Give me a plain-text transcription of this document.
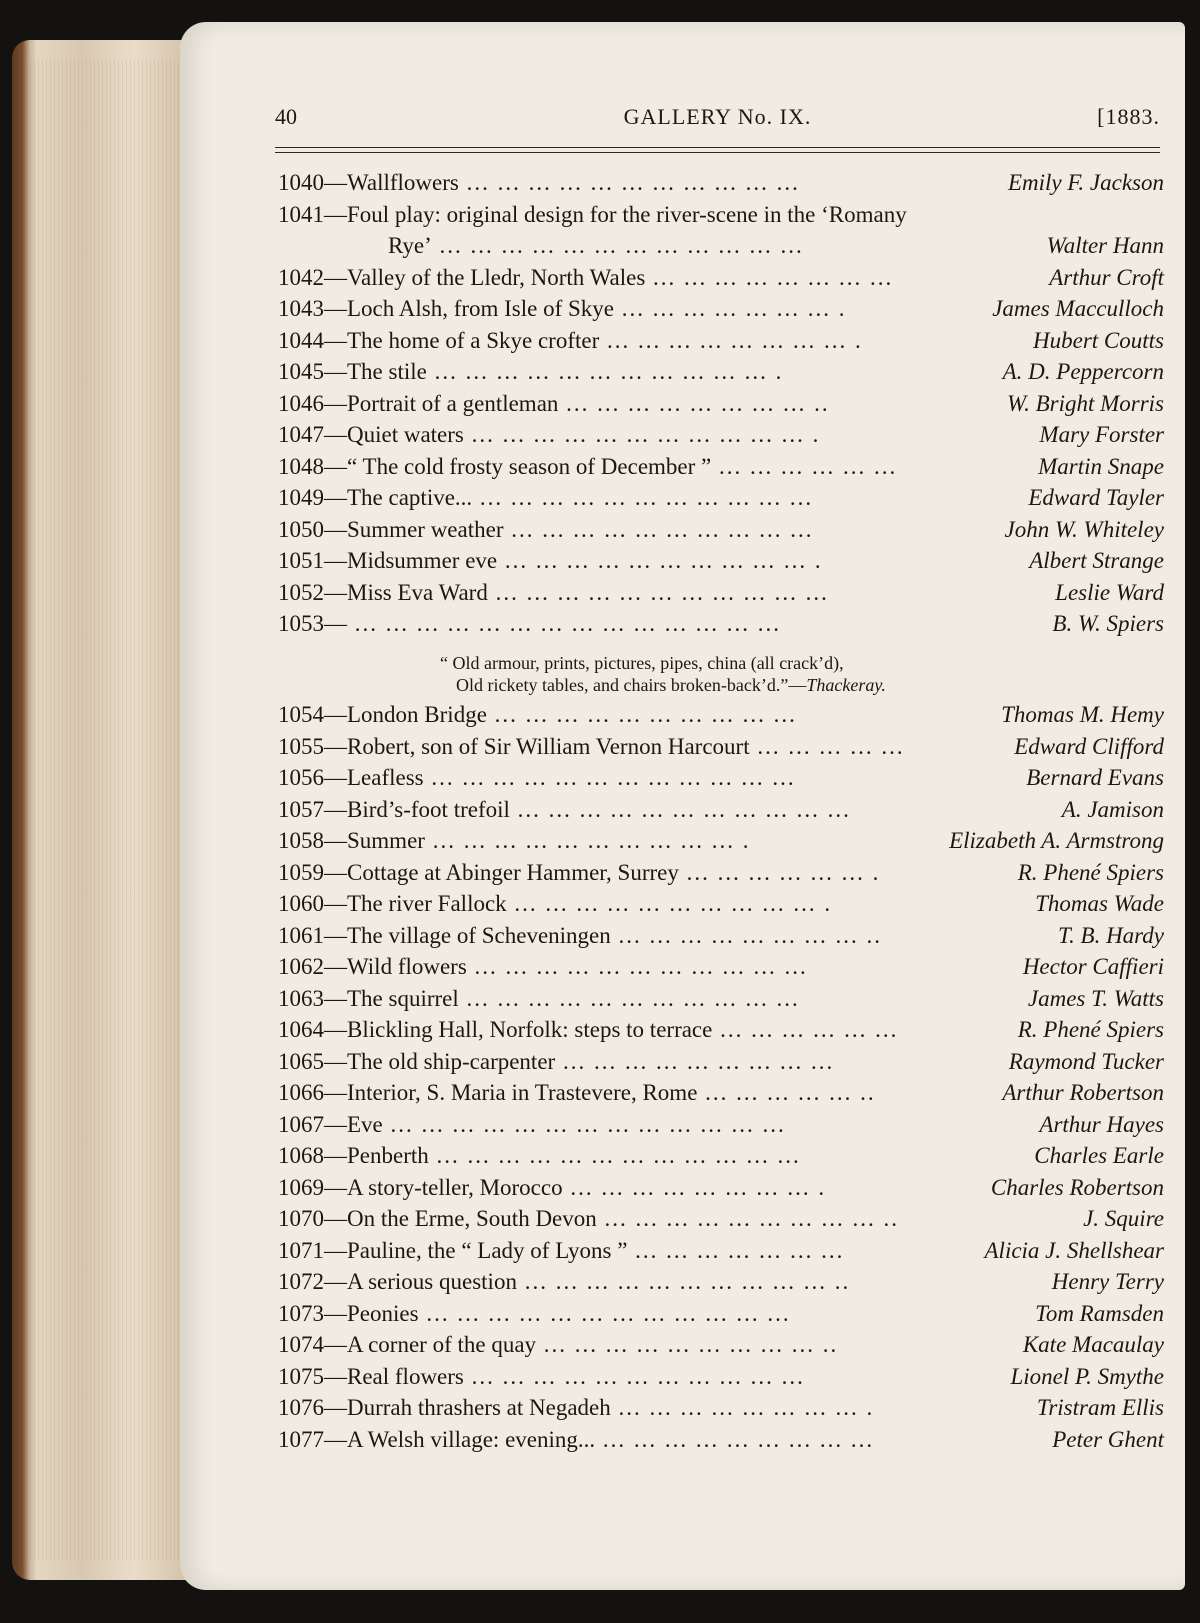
40	GALLERY No. IX.	[1883.
1040—Wallflowers ... ... ... ... ... ... ... ... ... ... ...	Emily F. Jackson
1041—Foul play: original design for the river-scene in the ‘Romany
Rye’ ... ... ... ... ... ... ... ... ... ... ... ...	Walter Hann
1042—Valley of the Lledr, North Wales ... ... ... ... ... ... ... ...	Arthur Croft
1043—Loch Alsh, from Isle of Skye ... ... ... ... ... ... ... .	James Macculloch
1044—The home of a Skye crofter ... ... ... ... ... ... ... ... .	Hubert Coutts
1045—The stile ... ... ... ... ... ... ... ... ... ... ... .	A. D. Peppercorn
1046—Portrait of a gentleman ... ... ... ... ... ... ... ... ..	W. Bright Morris
1047—Quiet waters ... ... ... ... ... ... ... ... ... ... ... .	Mary Forster
1048—“ The cold frosty season of December ” ... ... ... ... ... ...	Martin Snape
1049—The captive... ... ... ... ... ... ... ... ... ... ... ...	Edward Tayler
1050—Summer weather ... ... ... ... ... ... ... ... ... ...	John W. Whiteley
1051—Midsummer eve ... ... ... ... ... ... ... ... ... ... .	Albert Strange
1052—Miss Eva Ward ... ... ... ... ... ... ... ... ... ... ...	Leslie Ward
1053— ... ... ... ... ... ... ... ... ... ... ... ... ... ...	B. W. Spiers
“ Old armour, prints, pictures, pipes, china (all crack’d),
Old rickety tables, and chairs broken-back’d.”—Thackeray.
1054—London Bridge ... ... ... ... ... ... ... ... ... ...	Thomas M. Hemy
1055—Robert, son of Sir William Vernon Harcourt ... ... ... ... ...	Edward Clifford
1056—Leafless ... ... ... ... ... ... ... ... ... ... ... ...	Bernard Evans
1057—Bird’s-foot trefoil ... ... ... ... ... ... ... ... ... ... ...	A. Jamison
1058—Summer ... ... ... ... ... ... ... ... ... ... .	Elizabeth A. Armstrong
1059—Cottage at Abinger Hammer, Surrey ... ... ... ... ... ... .	R. Phené Spiers
1060—The river Fallock ... ... ... ... ... ... ... ... ... ... .	Thomas Wade
1061—The village of Scheveningen ... ... ... ... ... ... ... ... ..	T. B. Hardy
1062—Wild flowers ... ... ... ... ... ... ... ... ... ... ...	Hector Caffieri
1063—The squirrel ... ... ... ... ... ... ... ... ... ... ...	James T. Watts
1064—Blickling Hall, Norfolk: steps to terrace ... ... ... ... ... ...	R. Phené Spiers
1065—The old ship-carpenter ... ... ... ... ... ... ... ... ...	Raymond Tucker
1066—Interior, S. Maria in Trastevere, Rome ... ... ... ... ... ..	Arthur Robertson
1067—Eve ... ... ... ... ... ... ... ... ... ... ... ... ...	Arthur Hayes
1068—Penberth ... ... ... ... ... ... ... ... ... ... ... ...	Charles Earle
1069—A story-teller, Morocco ... ... ... ... ... ... ... ... .	Charles Robertson
1070—On the Erme, South Devon ... ... ... ... ... ... ... ... ... ..	J. Squire
1071—Pauline, the “ Lady of Lyons ” ... ... ... ... ... ... ...	Alicia J. Shellshear
1072—A serious question ... ... ... ... ... ... ... ... ... ... ..	Henry Terry
1073—Peonies ... ... ... ... ... ... ... ... ... ... ... ...	Tom Ramsden
1074—A corner of the quay ... ... ... ... ... ... ... ... ... ..	Kate Macaulay
1075—Real flowers ... ... ... ... ... ... ... ... ... ... ...	Lionel P. Smythe
1076—Durrah thrashers at Negadeh ... ... ... ... ... ... ... ... .	Tristram Ellis
1077—A Welsh village: evening... ... ... ... ... ... ... ... ... ...	Peter Ghent
